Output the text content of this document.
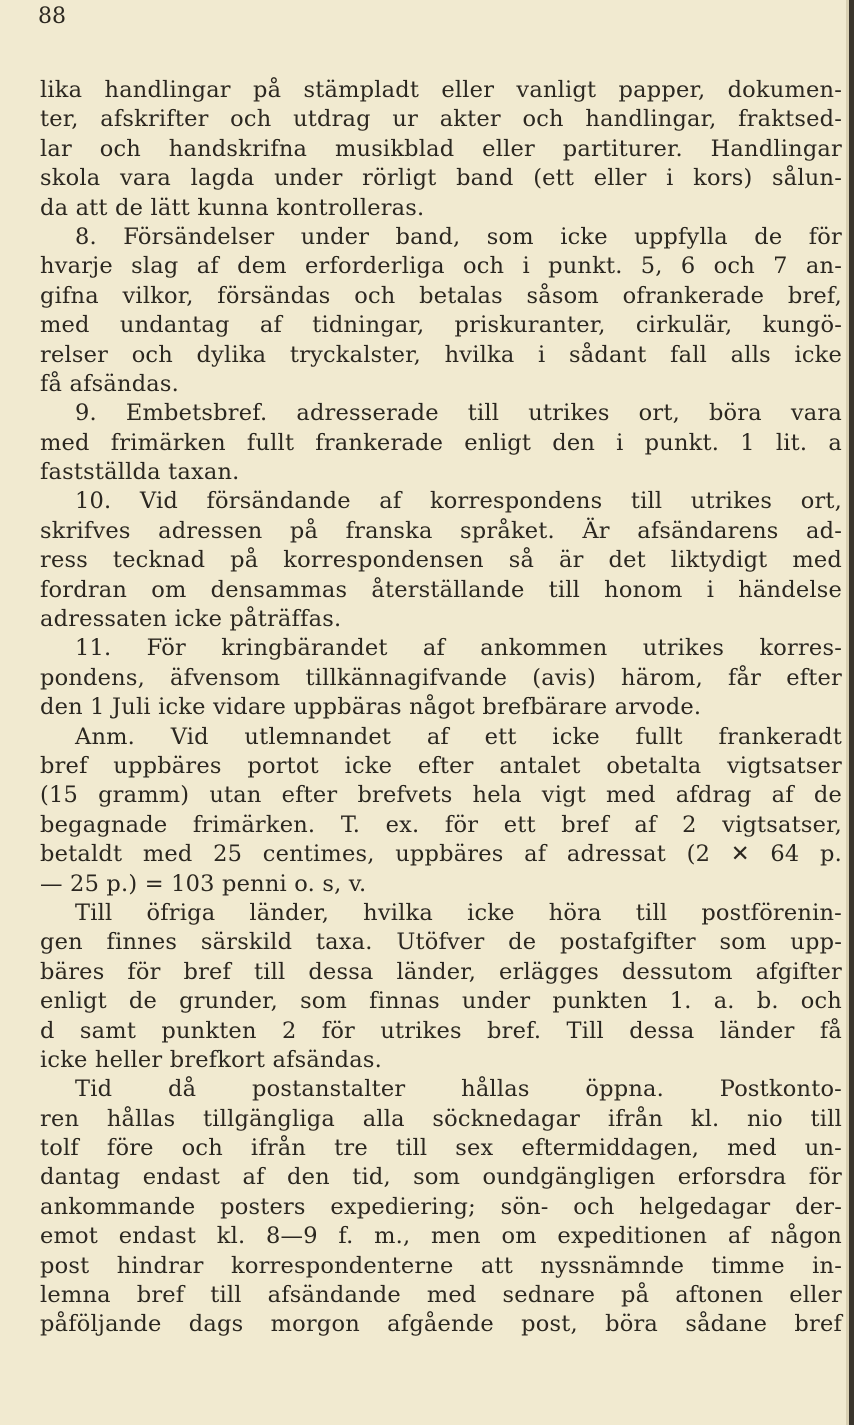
88
lika handlingar på stämpladt eller vanligt papper, dokumen-
ter, afskrifter och utdrag ur akter och handlingar, fraktsed-
lar och handskrifna musikblad eller partiturer. Handlingar
skola vara lagda under rörligt band (ett eller i kors) sålun-
da att de lätt kunna kontrolleras.
8. Försändelser under band, som icke uppfylla de för
hvarje slag af dem erforderliga och i punkt. 5, 6 och 7 an-
gifna vilkor, försändas och betalas såsom ofrankerade bref,
med undantag af tidningar, priskuranter, cirkulär, kungö-
relser och dylika tryckalster, hvilka i sådant fall alls icke
få afsändas.
9. Embetsbref. adresserade till utrikes ort, böra vara
med frimärken fullt frankerade enligt den i punkt. 1 lit. a
fastställda taxan.
10. Vid försändande af korrespondens till utrikes ort,
skrifves adressen på franska språket. Är afsändarens ad-
ress tecknad på korrespondensen så är det liktydigt med
fordran om densammas återställande till honom i händelse
adressaten icke påträffas.
11. För kringbärandet af ankommen utrikes korres-
pondens, äfvensom tillkännagifvande (avis) härom, får efter
den 1 Juli icke vidare uppbäras något brefbärare arvode.
Anm. Vid utlemnandet af ett icke fullt frankeradt
bref uppbäres portot icke efter antalet obetalta vigtsatser
(15 gramm) utan efter brefvets hela vigt med afdrag af de
begagnade frimärken. T. ex. för ett bref af 2 vigtsatser,
betaldt med 25 centimes, uppbäres af adressat (2 ✕ 64 p.
— 25 p.) = 103 penni o. s, v.
Till öfriga länder, hvilka icke höra till postförenin-
gen finnes särskild taxa. Utöfver de postafgifter som upp-
bäres för bref till dessa länder, erlägges dessutom afgifter
enligt de grunder, som finnas under punkten 1. a. b. och
d samt punkten 2 för utrikes bref. Till dessa länder få
icke heller brefkort afsändas.
Tid då postanstalter hållas öppna. Postkonto-
ren hållas tillgängliga alla söcknedagar ifrån kl. nio till
tolf före och ifrån tre till sex eftermiddagen, med un-
dantag endast af den tid, som oundgängligen erforsdra för
ankommande posters expediering; sön- och helgedagar der-
emot endast kl. 8—9 f. m., men om expeditionen af någon
post hindrar korrespondenterne att nyssnämnde timme in-
lemna bref till afsändande med sednare på aftonen eller
påföljande dags morgon afgående post, böra sådane bref
